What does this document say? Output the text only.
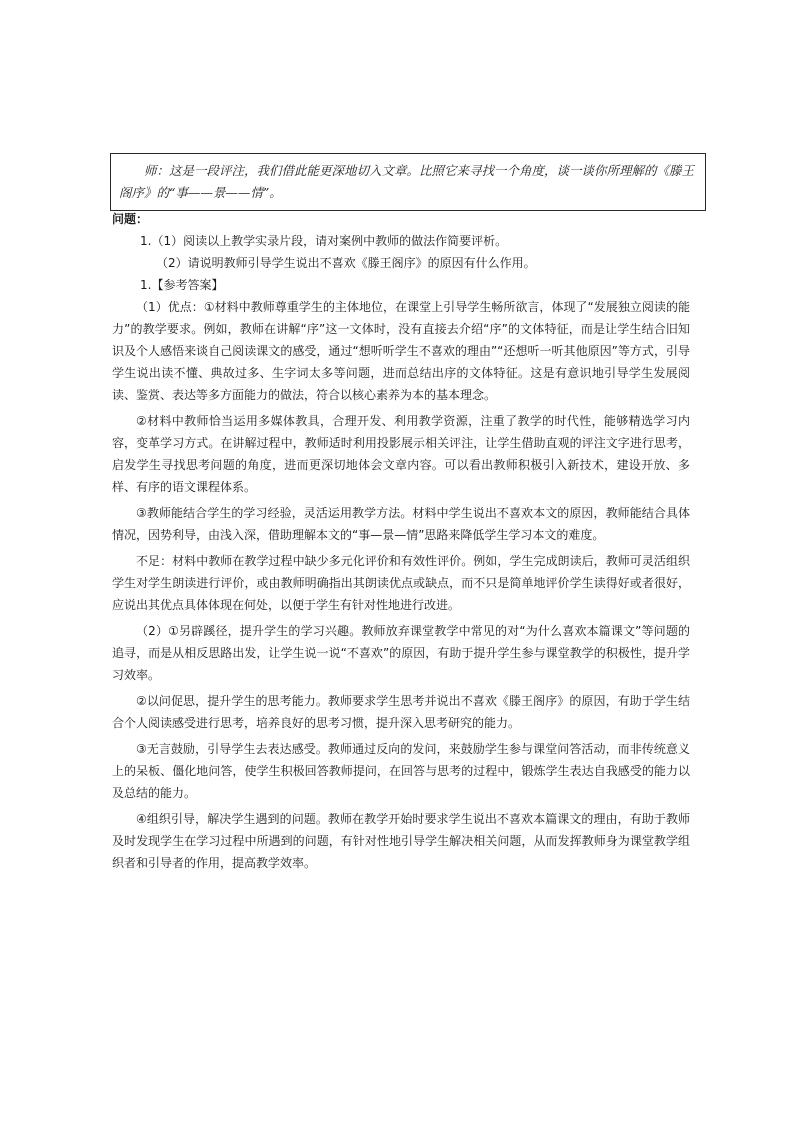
师：这是一段评注，我们借此能更深地切入文章。比照它来寻找一个角度，谈一谈你所理解的《滕王阁序》的“事——景——情”。

问题：

1.（1）阅读以上教学实录片段，请对案例中教师的做法作简要评析。

（2）请说明教师引导学生说出不喜欢《滕王阁序》的原因有什么作用。

1.【参考答案】

（1）优点：①材料中教师尊重学生的主体地位，在课堂上引导学生畅所欲言，体现了“发展独立阅读的能力”的教学要求。例如，教师在讲解“序”这一文体时，没有直接去介绍“序”的文体特征，而是让学生结合旧知识及个人感悟来谈自己阅读课文的感受，通过“想听听学生不喜欢的理由”“还想听一听其他原因”等方式，引导学生说出读不懂、典故过多、生字词太多等问题，进而总结出序的文体特征。这是有意识地引导学生发展阅读、鉴赏、表达等多方面能力的做法，符合以核心素养为本的基本理念。

②材料中教师恰当运用多媒体教具，合理开发、利用教学资源，注重了教学的时代性，能够精选学习内容，变革学习方式。在讲解过程中，教师适时利用投影展示相关评注，让学生借助直观的评注文字进行思考，启发学生寻找思考问题的角度，进而更深切地体会文章内容。可以看出教师积极引入新技术，建设开放、多样、有序的语文课程体系。

③教师能结合学生的学习经验，灵活运用教学方法。材料中学生说出不喜欢本文的原因，教师能结合具体情况，因势利导，由浅入深，借助理解本文的“事—景—情”思路来降低学生学习本文的难度。

不足：材料中教师在教学过程中缺少多元化评价和有效性评价。例如，学生完成朗读后，教师可灵活组织学生对学生朗读进行评价，或由教师明确指出其朗读优点或缺点，而不只是简单地评价学生读得好或者很好，应说出其优点具体体现在何处，以便于学生有针对性地进行改进。

（2）①另辟蹊径，提升学生的学习兴趣。教师放弃课堂教学中常见的对“为什么喜欢本篇课文”等问题的追寻，而是从相反思路出发，让学生说一说“不喜欢”的原因，有助于提升学生参与课堂教学的积极性，提升学习效率。

②以问促思，提升学生的思考能力。教师要求学生思考并说出不喜欢《滕王阁序》的原因，有助于学生结合个人阅读感受进行思考，培养良好的思考习惯，提升深入思考研究的能力。

③无言鼓励，引导学生去表达感受。教师通过反向的发问，来鼓励学生参与课堂问答活动，而非传统意义上的呆板、僵化地问答，使学生积极回答教师提问，在回答与思考的过程中，锻炼学生表达自我感受的能力以及总结的能力。

④组织引导，解决学生遇到的问题。教师在教学开始时要求学生说出不喜欢本篇课文的理由，有助于教师及时发现学生在学习过程中所遇到的问题，有针对性地引导学生解决相关问题，从而发挥教师身为课堂教学组织者和引导者的作用，提高教学效率。
